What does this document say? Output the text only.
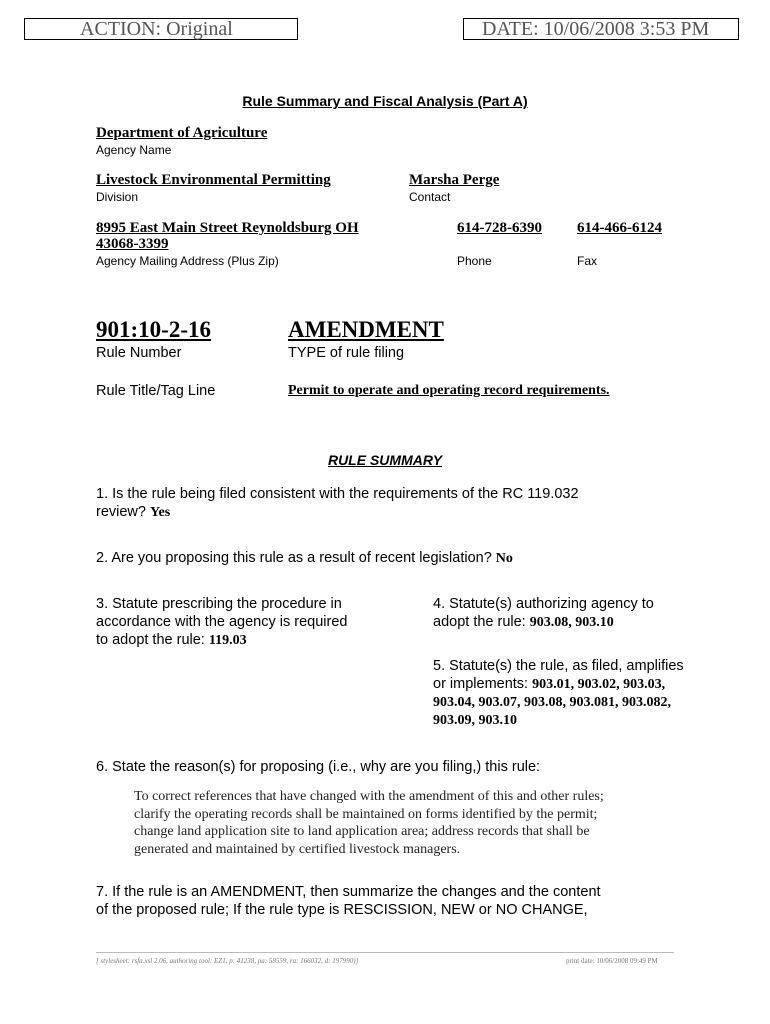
ACTION: Original	DATE: 10/06/2008 3:53 PM
Rule Summary and Fiscal Analysis (Part A)
Department of Agriculture
Agency Name
Livestock Environmental Permitting
Division
Marsha Perge
Contact
8995 East Main Street Reynoldsburg OH
43068-3399
Agency Mailing Address (Plus Zip)
614-728-6390
Phone
614-466-6124
Fax
901:10-2-16
Rule Number
AMENDMENT
TYPE of rule filing
Rule Title/Tag Line	Permit to operate and operating record requirements.
RULE SUMMARY
1. Is the rule being filed consistent with the requirements of the RC 119.032
review? Yes
2. Are you proposing this rule as a result of recent legislation? No
3. Statute prescribing the procedure in
accordance with the agency is required
to adopt the rule: 119.03
4. Statute(s) authorizing agency to
adopt the rule: 903.08, 903.10
5. Statute(s) the rule, as filed, amplifies
or implements: 903.01, 903.02, 903.03,
903.04, 903.07, 903.08, 903.081, 903.082,
903.09, 903.10
6. State the reason(s) for proposing (i.e., why are you filing,) this rule:
To correct references that have changed with the amendment of this and other rules;
clarify the operating records shall be maintained on forms identified by the permit;
change land application site to land application area; address records that shall be
generated and maintained by certified livestock managers.
7. If the rule is an AMENDMENT, then summarize the changes and the content
of the proposed rule; If the rule type is RESCISSION, NEW or NO CHANGE,
[ stylesheet: rsfa.xsl 2.06, authoring tool: EZ1, p: 41238, pa: 58559, ra: 166032, d: 197990)]	print date: 10/06/2008 09:49 PM
